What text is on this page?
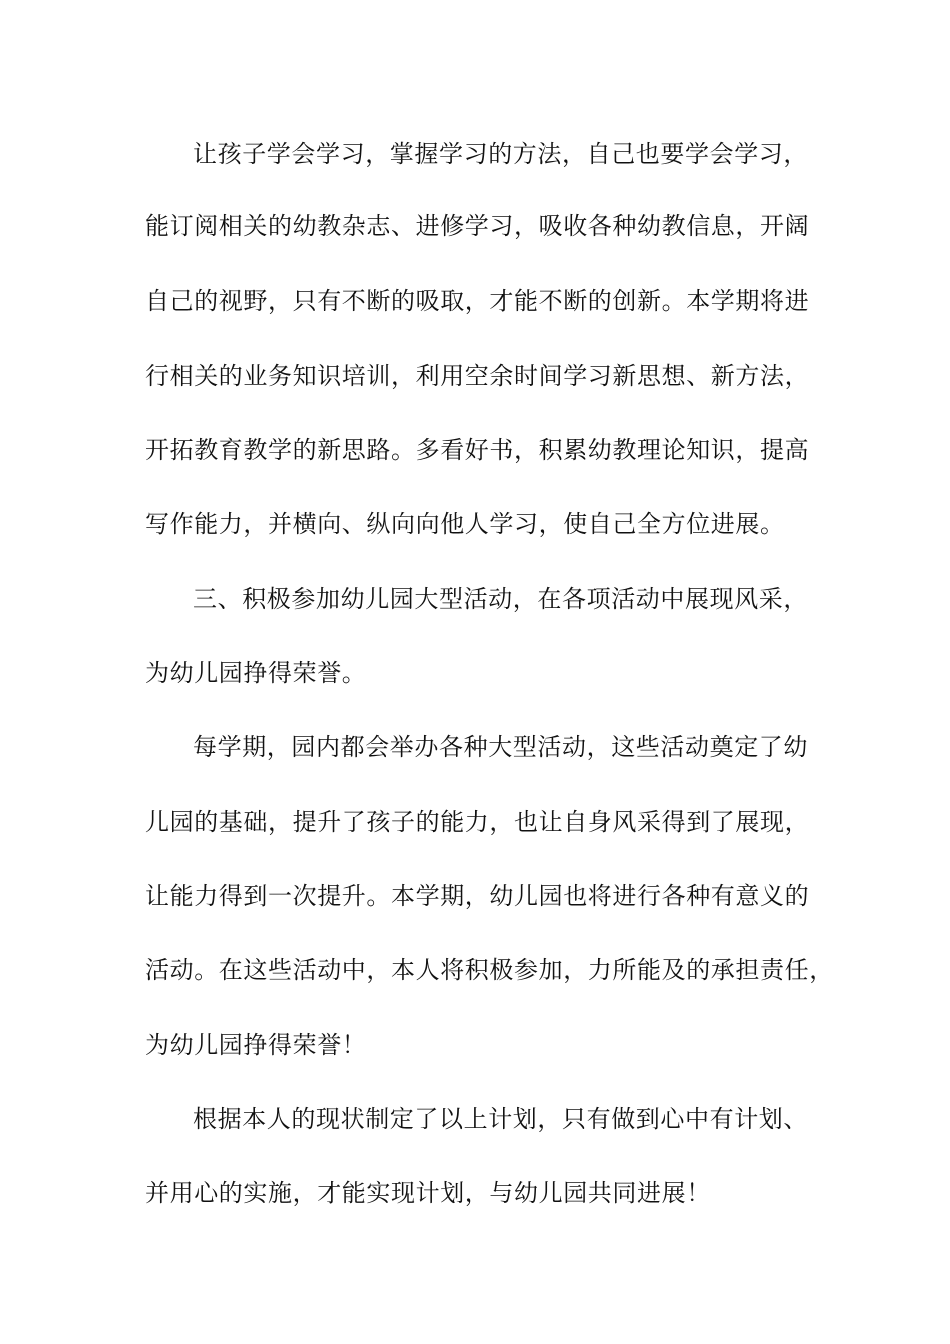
让孩子学会学习，掌握学习的方法，自己也要学会学习，
能订阅相关的幼教杂志、进修学习，吸收各种幼教信息，开阔
自己的视野，只有不断的吸取，才能不断的创新。本学期将进
行相关的业务知识培训，利用空余时间学习新思想、新方法，
开拓教育教学的新思路。多看好书，积累幼教理论知识，提高
写作能力，并横向、纵向向他人学习，使自己全方位进展。
三、积极参加幼儿园大型活动，在各项活动中展现风采，
为幼儿园挣得荣誉。
每学期，园内都会举办各种大型活动，这些活动奠定了幼
儿园的基础，提升了孩子的能力，也让自身风采得到了展现，
让能力得到一次提升。本学期，幼儿园也将进行各种有意义的
活动。在这些活动中，本人将积极参加，力所能及的承担责任，
为幼儿园挣得荣誉！
根据本人的现状制定了以上计划，只有做到心中有计划、
并用心的实施，才能实现计划，与幼儿园共同进展！
